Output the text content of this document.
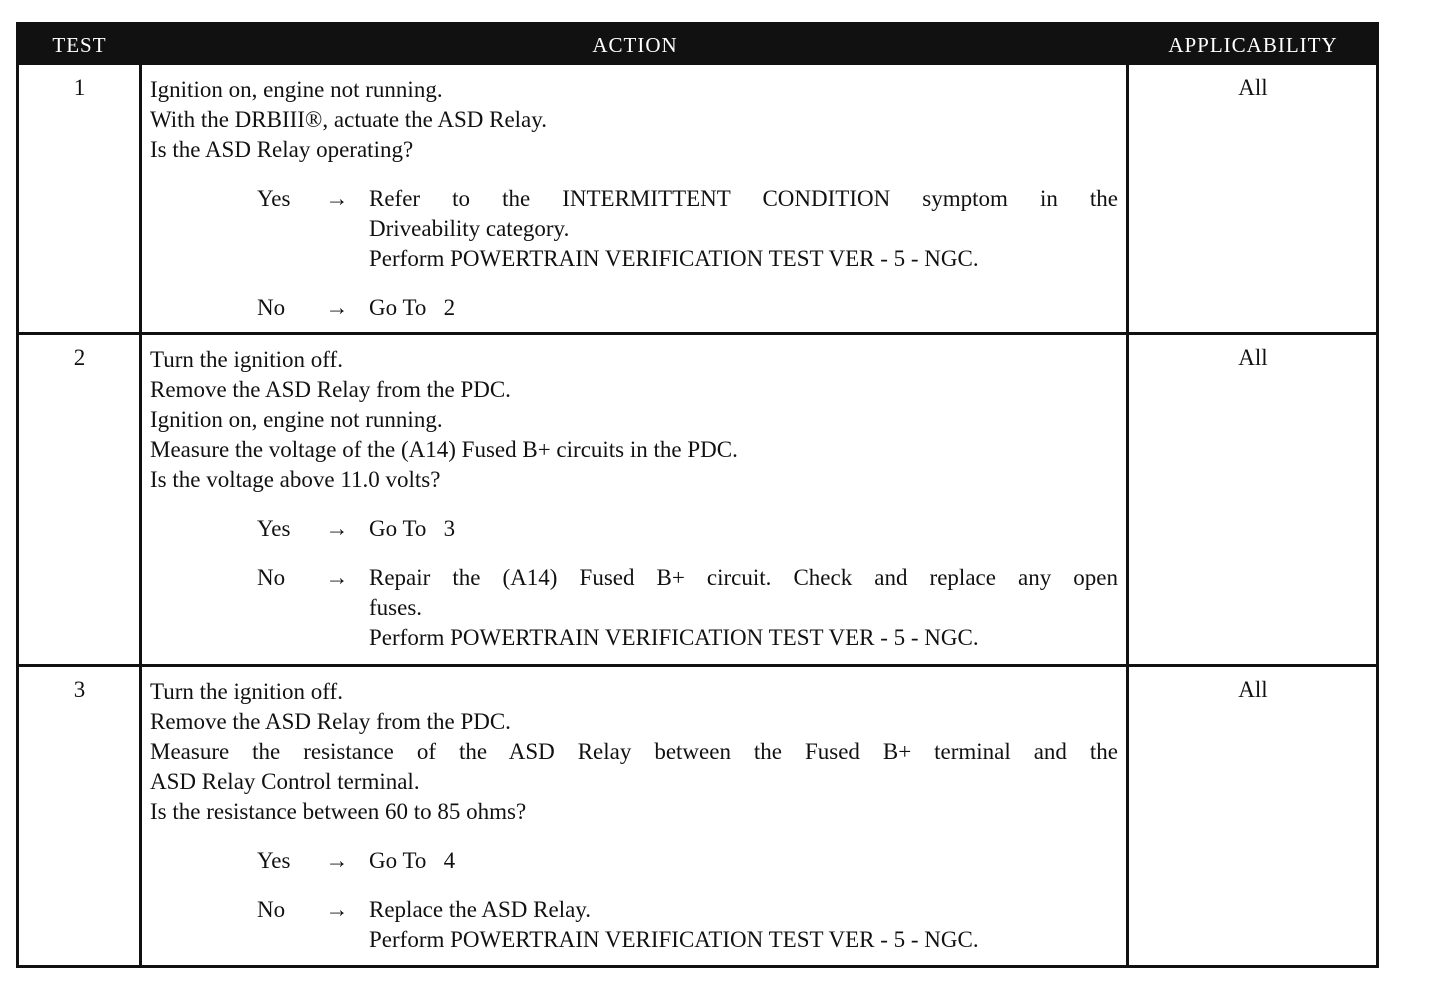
TEST	ACTION	APPLICABILITY
1	Ignition on, engine not running.
With the DRBIII®, actuate the ASD Relay.
Is the ASD Relay operating?
Yes	→ Refer to the INTERMITTENT CONDITION symptom in the
Driveability category.
Perform POWERTRAIN VERIFICATION TEST VER - 5 - NGC.
No	→ Go To   2
All
2	Turn the ignition off.
Remove the ASD Relay from the PDC.
Ignition on, engine not running.
Measure the voltage of the (A14) Fused B+ circuits in the PDC.
Is the voltage above 11.0 volts?
Yes	→ Go To   3
No	→ Repair the (A14) Fused B+ circuit. Check and replace any open
fuses.
Perform POWERTRAIN VERIFICATION TEST VER - 5 - NGC.
All
3	Turn the ignition off.
Remove the ASD Relay from the PDC.
Measure the resistance of the ASD Relay between the Fused B+ terminal and the
ASD Relay Control terminal.
Is the resistance between 60 to 85 ohms?
Yes	→ Go To   4
No	→ Replace the ASD Relay.
Perform POWERTRAIN VERIFICATION TEST VER - 5 - NGC.
All
